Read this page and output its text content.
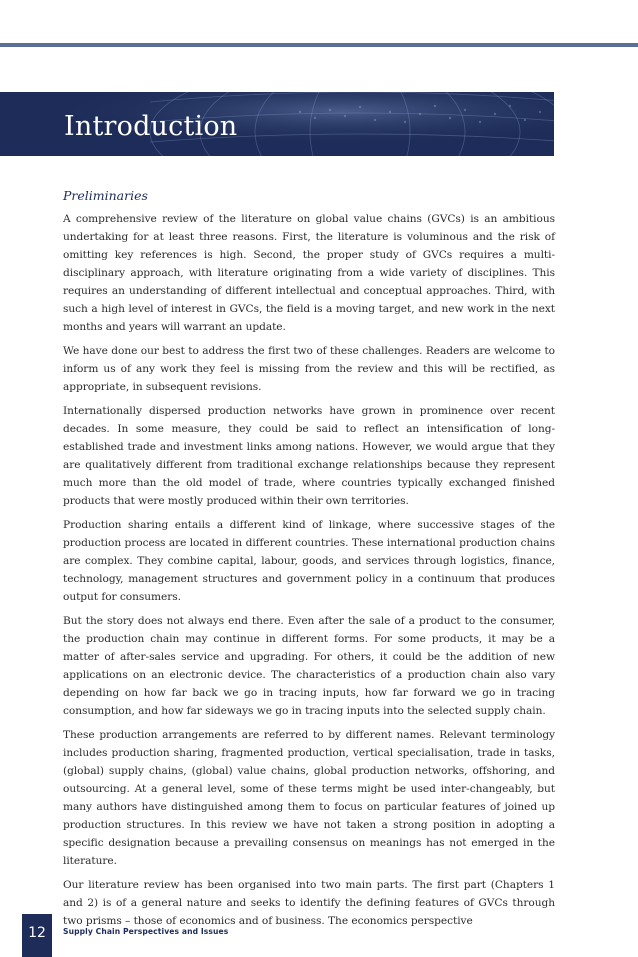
Introduction
Preliminaries

A comprehensive review of the literature on global value chains (GVCs) is an ambitious undertaking for at least three reasons. First, the literature is voluminous and the risk of omitting key references is high. Second, the proper study of GVCs requires a multi-disciplinary approach, with literature originating from a wide variety of disciplines. This requires an understanding of different intellectual and conceptual approaches. Third, with such a high level of interest in GVCs, the field is a moving target, and new work in the next months and years will warrant an update.

We have done our best to address the first two of these challenges. Readers are welcome to inform us of any work they feel is missing from the review and this will be rectified, as appropriate, in subsequent revisions.

Internationally dispersed production networks have grown in prominence over recent decades. In some measure, they could be said to reflect an intensification of long-established trade and investment links among nations. However, we would argue that they are qualitatively different from traditional exchange relationships because they represent much more than the old model of trade, where countries typically exchanged finished products that were mostly produced within their own territories.

Production sharing entails a different kind of linkage, where successive stages of the production process are located in different countries. These international production chains are complex. They combine capital, labour, goods, and services through logistics, finance, technology, management structures and government policy in a continuum that produces output for consumers.

But the story does not always end there. Even after the sale of a product to the consumer, the production chain may continue in different forms. For some products, it may be a matter of after-sales service and upgrading. For others, it could be the addition of new applications on an electronic device. The characteristics of a production chain also vary depending on how far back we go in tracing inputs, how far forward we go in tracing consumption, and how far sideways we go in tracing inputs into the selected supply chain.

These production arrangements are referred to by different names. Relevant terminology includes production sharing, fragmented production, vertical specialisation, trade in tasks, (global) supply chains, (global) value chains, global production networks, offshoring, and outsourcing. At a general level, some of these terms might be used inter-changeably, but many authors have distinguished among them to focus on particular features of joined up production structures. In this review we have not taken a strong position in adopting a specific designation because a prevailing consensus on meanings has not emerged in the literature.

Our literature review has been organised into two main parts. The first part (Chapters 1 and 2) is of a general nature and seeks to identify the defining features of GVCs through two prisms – those of economics and of business. The economics perspective

12	Supply Chain Perspectives and Issues
